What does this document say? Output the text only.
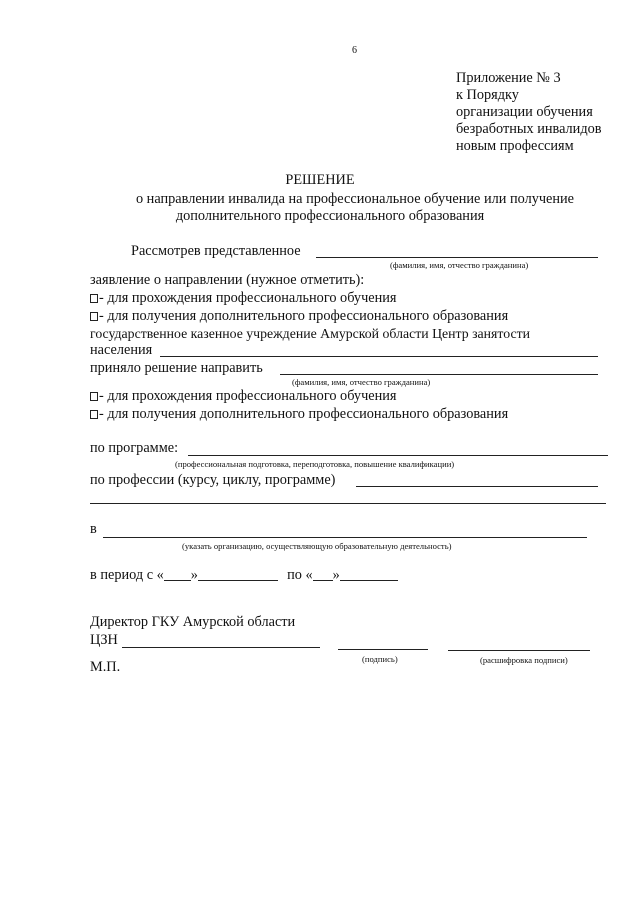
6
Приложение № 3
к Порядку
организации обучения
безработных инвалидов
новым профессиям
РЕШЕНИЕ
о направлении инвалида на профессиональное обучение или получение
дополнительного профессионального образования
Рассмотрев представленное
(фамилия, имя, отчество гражданина)
заявление о направлении (нужное отметить):
- для прохождения профессионального обучения
- для получения дополнительного профессионального образования
государственное казенное учреждение Амурской области Центр занятости
населения
приняло решение направить
(фамилия, имя, отчество гражданина)
- для прохождения профессионального обучения
- для получения дополнительного профессионального образования
по программе:
(профессиональная подготовка, переподготовка, повышение квалификации)
по профессии (курсу, циклу, программе)
в
(указать организацию, осуществляющую образовательную деятельность)
в период с « »	по « »
Директор ГКУ Амурской области
ЦЗН
(подпись)	(расшифровка подписи)
М.П.
